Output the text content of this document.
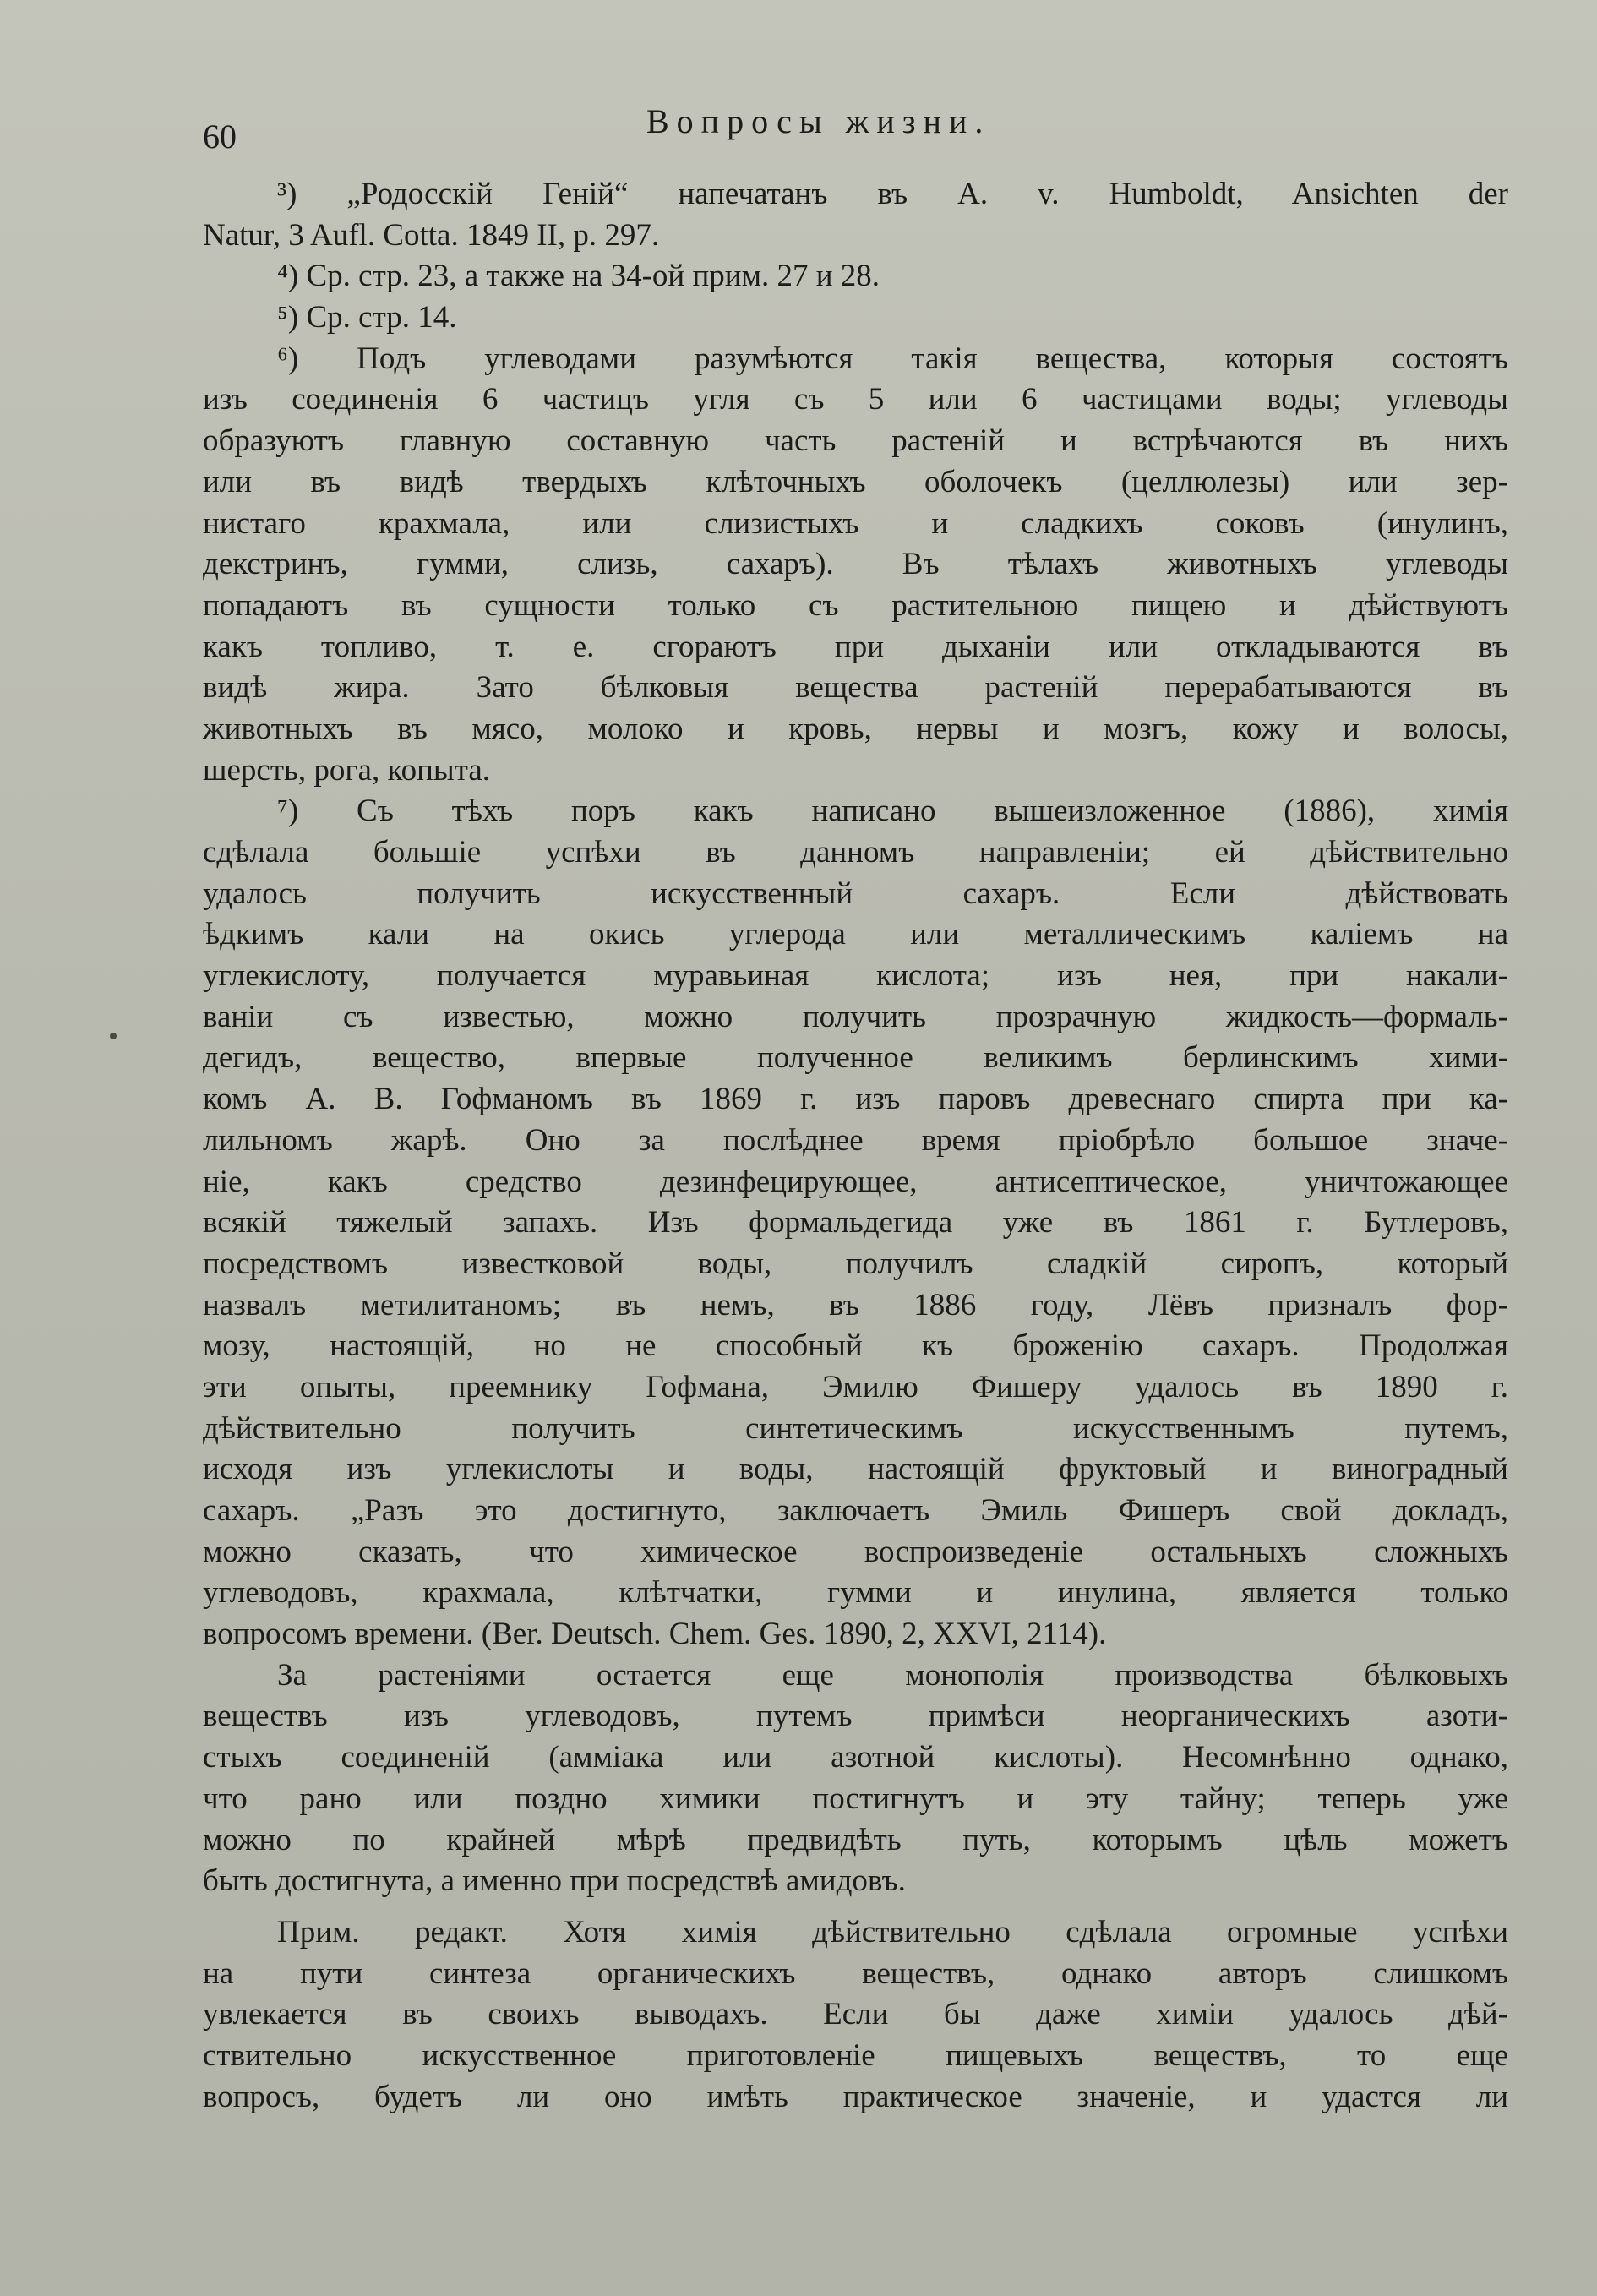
60	Вопросы жизни.
³) „Родосскій Геній“ напечатанъ въ A. v. Humboldt, Ansichten der
Natur, 3 Aufl. Cotta. 1849 II, p. 297.
⁴) Ср. стр. 23, а также на 34-ой прим. 27 и 28.
⁵) Ср. стр. 14.
⁶) Подъ углеводами разумѣются такія вещества, которыя состоятъ
изъ соединенія 6 частицъ угля съ 5 или 6 частицами воды; углеводы
образуютъ главную составную часть растеній и встрѣчаются въ нихъ
или въ видѣ твердыхъ клѣточныхъ оболочекъ (целлюлезы) или зер-
нистаго крахмала, или слизистыхъ и сладкихъ соковъ (инулинъ,
декстринъ, гумми, слизь, сахаръ). Въ тѣлахъ животныхъ углеводы
попадаютъ въ сущности только съ растительною пищею и дѣйствуютъ
какъ топливо, т. е. сгораютъ при дыханіи или откладываются въ
видѣ жира. Зато бѣлковыя вещества растеній перерабатываются въ
животныхъ въ мясо, молоко и кровь, нервы и мозгъ, кожу и волосы,
шерсть, рога, копыта.
⁷) Съ тѣхъ поръ какъ написано вышеизложенное (1886), химія
сдѣлала большіе успѣхи въ данномъ направленіи; ей дѣйствительно
удалось получить искусственный сахаръ. Если дѣйствовать
ѣдкимъ кали на окись углерода или металлическимъ каліемъ на
углекислоту, получается муравьиная кислота; изъ нея, при накали-
ваніи съ известью, можно получить прозрачную жидкость—формаль-
дегидъ, вещество, впервые полученное великимъ берлинскимъ хими-
комъ А. В. Гофманомъ въ 1869 г. изъ паровъ древеснаго спирта при ка-
лильномъ жарѣ. Оно за послѣднее время пріобрѣло большое значе-
ніе, какъ средство дезинфецирующее, антисептическое, уничтожающее
всякій тяжелый запахъ. Изъ формальдегида уже въ 1861 г. Бутлеровъ,
посредствомъ известковой воды, получилъ сладкій сиропъ, который
назвалъ метилитаномъ; въ немъ, въ 1886 году, Лёвъ призналъ фор-
мозу, настоящій, но не способный къ броженію сахаръ. Продолжая
эти опыты, преемнику Гофмана, Эмилю Фишеру удалось въ 1890 г.
дѣйствительно получить синтетическимъ искусственнымъ путемъ,
исходя изъ углекислоты и воды, настоящій фруктовый и виноградный
сахаръ. „Разъ это достигнуто, заключаетъ Эмиль Фишеръ свой докладъ,
можно сказать, что химическое воспроизведеніе остальныхъ сложныхъ
углеводовъ, крахмала, клѣтчатки, гумми и инулина, является только
вопросомъ времени. (Ber. Deutsch. Chem. Ges. 1890, 2, XXVI, 2114).
За растеніями остается еще монополія производства бѣлковыхъ
веществъ изъ углеводовъ, путемъ примѣси неорганическихъ азоти-
стыхъ соединеній (амміака или азотной кислоты). Несомнѣнно однако,
что рано или поздно химики постигнутъ и эту тайну; теперь уже
можно по крайней мѣрѣ предвидѣть путь, которымъ цѣль можетъ
быть достигнута, а именно при посредствѣ амидовъ.
Прим. редакт. Хотя химія дѣйствительно сдѣлала огромные успѣхи
на пути синтеза органическихъ веществъ, однако авторъ слишкомъ
увлекается въ своихъ выводахъ. Если бы даже химіи удалось дѣй-
ствительно искусственное приготовленіе пищевыхъ веществъ, то еще
вопросъ, будетъ ли оно имѣть практическое значеніе, и удастся ли
